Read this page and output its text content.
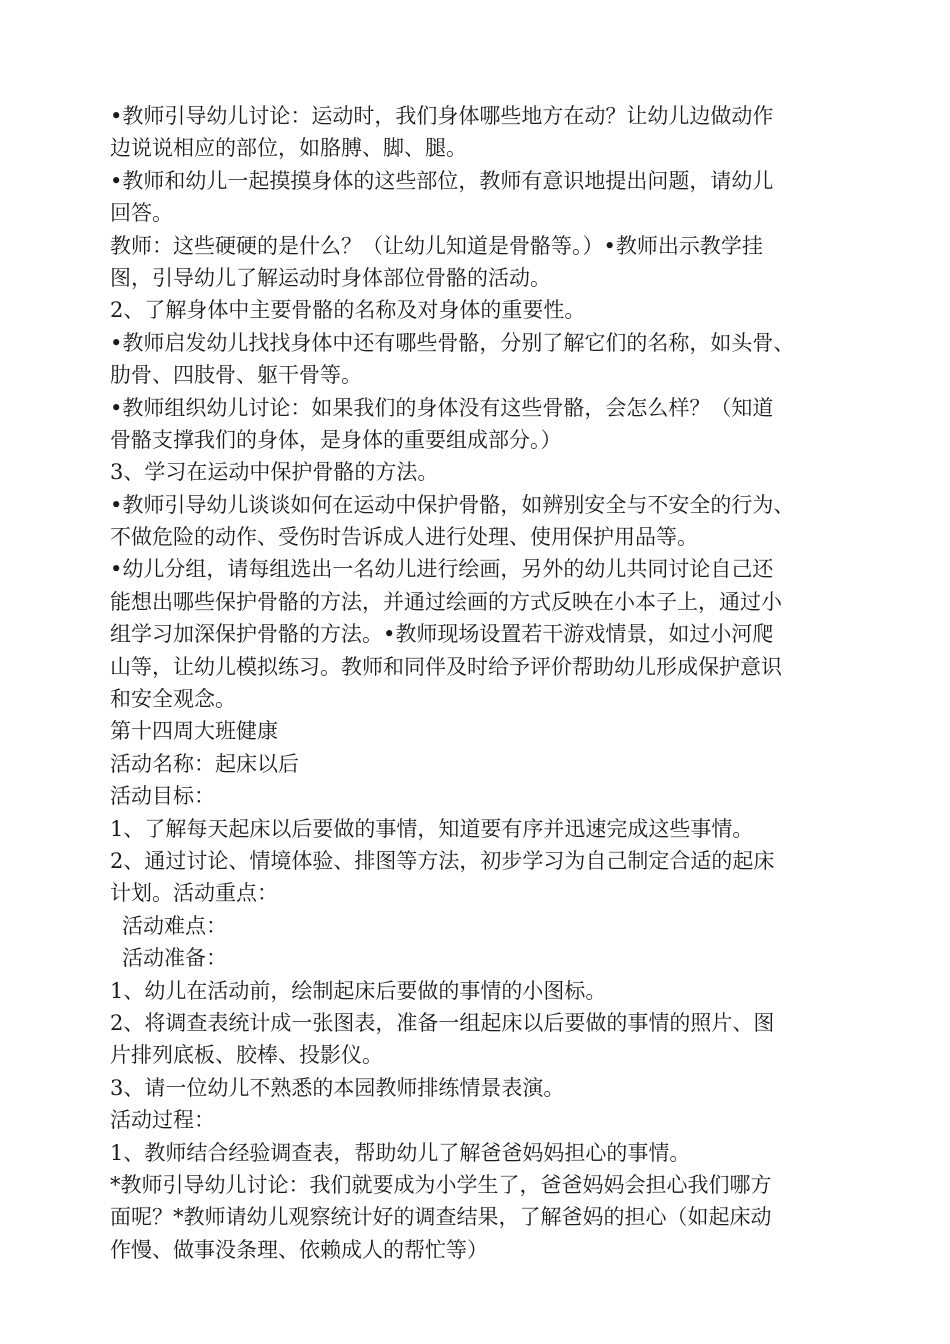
•教师引导幼儿讨论：运动时，我们身体哪些地方在动？让幼儿边做动作
边说说相应的部位，如胳膊、脚、腿。
•教师和幼儿一起摸摸身体的这些部位，教师有意识地提出问题，请幼儿
回答。
教师：这些硬硬的是什么？（让幼儿知道是骨骼等。）•教师出示教学挂
图，引导幼儿了解运动时身体部位骨骼的活动。
2、了解身体中主要骨骼的名称及对身体的重要性。
•教师启发幼儿找找身体中还有哪些骨骼，分别了解它们的名称，如头骨、
肋骨、四肢骨、躯干骨等。
•教师组织幼儿讨论：如果我们的身体没有这些骨骼，会怎么样？（知道
骨骼支撑我们的身体，是身体的重要组成部分。）
3、学习在运动中保护骨骼的方法。
•教师引导幼儿谈谈如何在运动中保护骨骼，如辨别安全与不安全的行为、
不做危险的动作、受伤时告诉成人进行处理、使用保护用品等。
•幼儿分组，请每组选出一名幼儿进行绘画，另外的幼儿共同讨论自己还
能想出哪些保护骨骼的方法，并通过绘画的方式反映在小本子上，通过小
组学习加深保护骨骼的方法。•教师现场设置若干游戏情景，如过小河爬
山等，让幼儿模拟练习。教师和同伴及时给予评价帮助幼儿形成保护意识
和安全观念。
第十四周大班健康
活动名称：起床以后
活动目标：
1、了解每天起床以后要做的事情，知道要有序并迅速完成这些事情。
2、通过讨论、情境体验、排图等方法，初步学习为自己制定合适的起床
计划。活动重点：
活动难点：
活动准备：
1、幼儿在活动前，绘制起床后要做的事情的小图标。
2、将调查表统计成一张图表，准备一组起床以后要做的事情的照片、图
片排列底板、胶棒、投影仪。
3、请一位幼儿不熟悉的本园教师排练情景表演。
活动过程：
1、教师结合经验调查表，帮助幼儿了解爸爸妈妈担心的事情。
*教师引导幼儿讨论：我们就要成为小学生了，爸爸妈妈会担心我们哪方
面呢？*教师请幼儿观察统计好的调查结果，了解爸妈的担心（如起床动
作慢、做事没条理、依赖成人的帮忙等）
